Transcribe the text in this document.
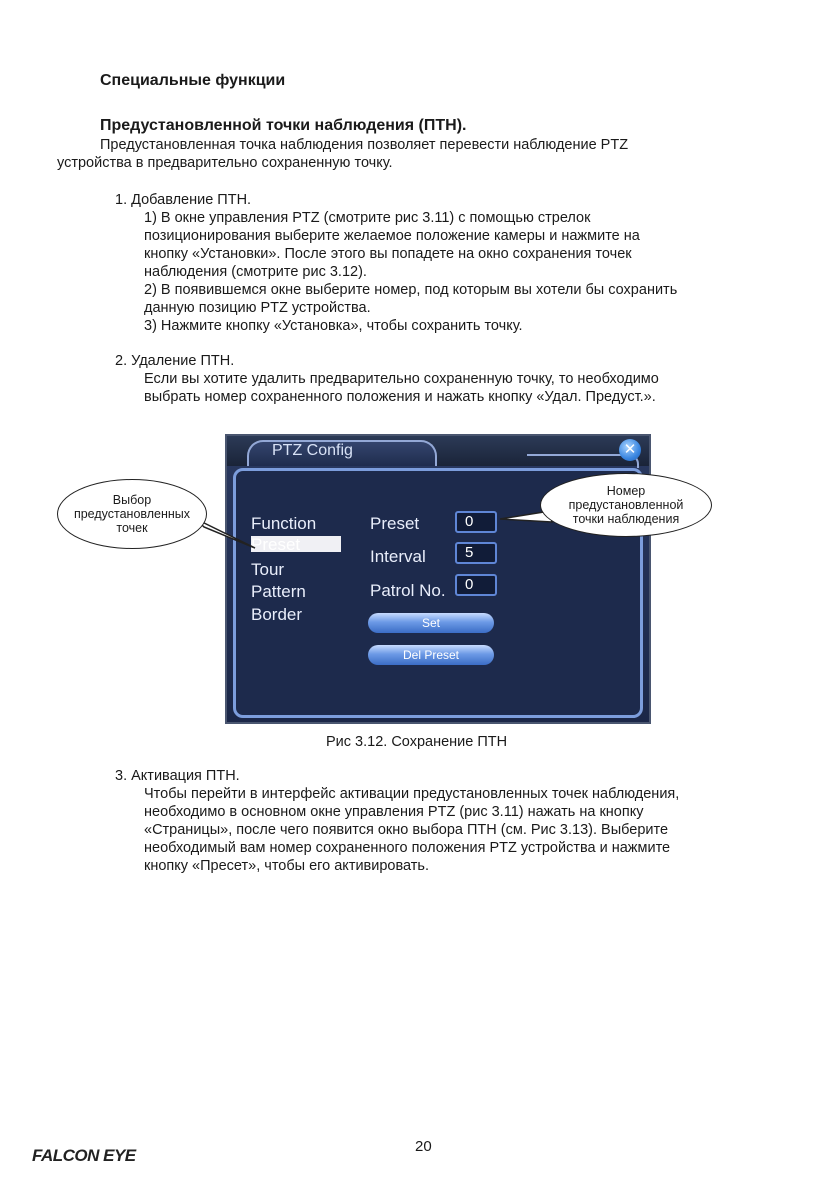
Специальные функции
Предустановленной точки наблюдения (ПТН).
Предустановленная точка наблюдения позволяет перевести наблюдение PTZ
устройства в предварительно сохраненную точку.
1. Добавление ПТН.
1) В окне управления PTZ (смотрите рис 3.11) с помощью стрелок
позиционирования выберите желаемое положение камеры и нажмите на
кнопку «Установки». После этого вы попадете на окно сохранения точек
наблюдения (смотрите рис 3.12).
2) В появившемся окне выберите номер, под которым вы хотели бы сохранить
данную позицию PTZ устройства.
3) Нажмите кнопку «Установка», чтобы сохранить точку.
2. Удаление ПТН.
Если вы хотите удалить предварительно сохраненную точку, то необходимо
выбрать номер сохраненного положения и нажать кнопку «Удал. Предуст.».
PTZ Config	✕
Function
Preset
Tour
Pattern
Border
Preset	0
Interval	5
Patrol No.	0
Set
Del Preset
Выбор
предустановленных
точек
Номер
предустановленной
точки наблюдения
Рис 3.12. Сохранение ПТН
3. Активация ПТН.
Чтобы перейти в интерфейс активации предустановленных точек наблюдения,
необходимо в основном окне управления PTZ (рис 3.11) нажать на кнопку
«Страницы», после чего появится окно выбора ПТН (см. Рис 3.13). Выберите
необходимый вам номер сохраненного положения PTZ устройства и нажмите
кнопку «Пресет», чтобы его активировать.
20
FALCON EYE
